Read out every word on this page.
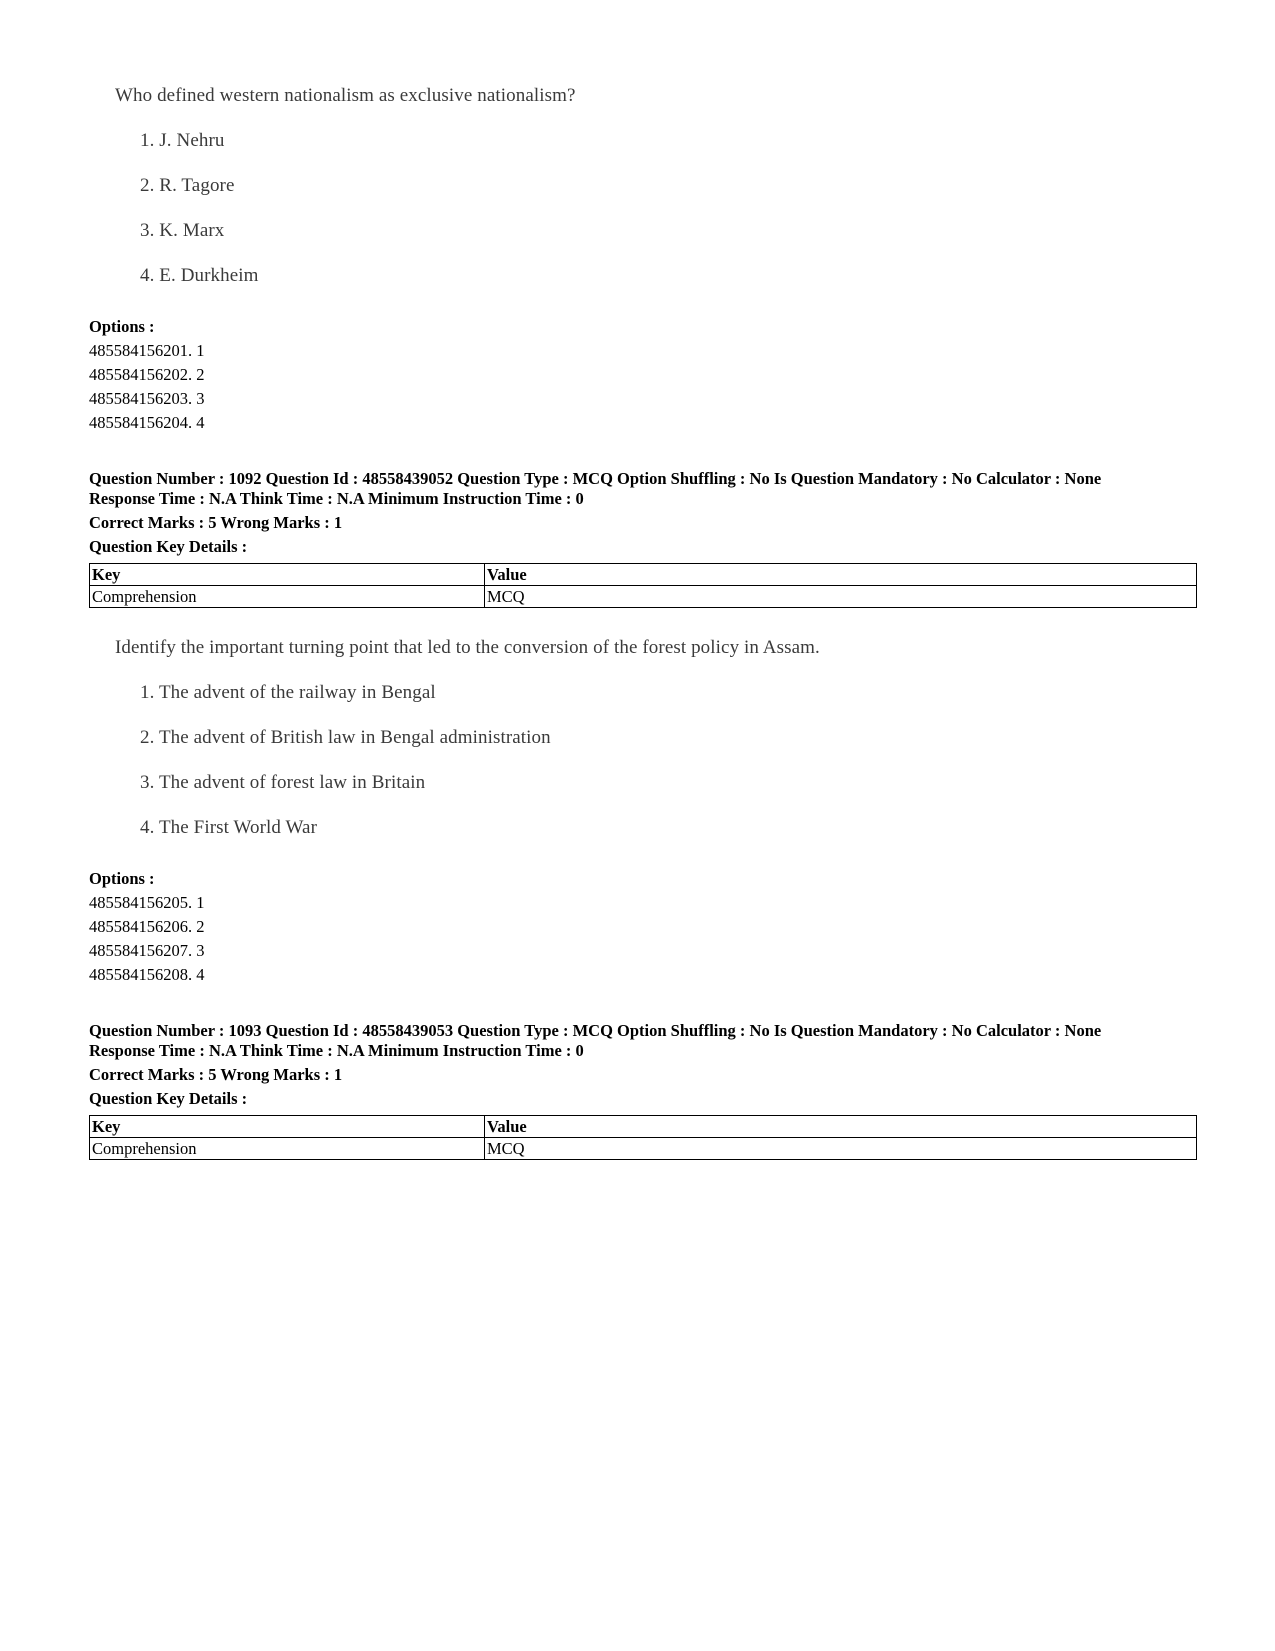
Who defined western nationalism as exclusive nationalism?

1. J. Nehru
2. R. Tagore
3. K. Marx
4. E. Durkheim
Options :
485584156201. 1
485584156202. 2
485584156203. 3
485584156204. 4
Question Number : 1092 Question Id : 48558439052 Question Type : MCQ Option Shuffling : No Is Question Mandatory : No Calculator : None
Response Time : N.A Think Time : N.A Minimum Instruction Time : 0
Correct Marks : 5 Wrong Marks : 1
Question Key Details :
Key	Value
Comprehension	MCQ

Identify the important turning point that led to the conversion of the forest policy in Assam.

1. The advent of the railway in Bengal
2. The advent of British law in Bengal administration
3. The advent of forest law in Britain
4. The First World War
Options :
485584156205. 1
485584156206. 2
485584156207. 3
485584156208. 4
Question Number : 1093 Question Id : 48558439053 Question Type : MCQ Option Shuffling : No Is Question Mandatory : No Calculator : None
Response Time : N.A Think Time : N.A Minimum Instruction Time : 0
Correct Marks : 5 Wrong Marks : 1
Question Key Details :
Key	Value
Comprehension	MCQ
